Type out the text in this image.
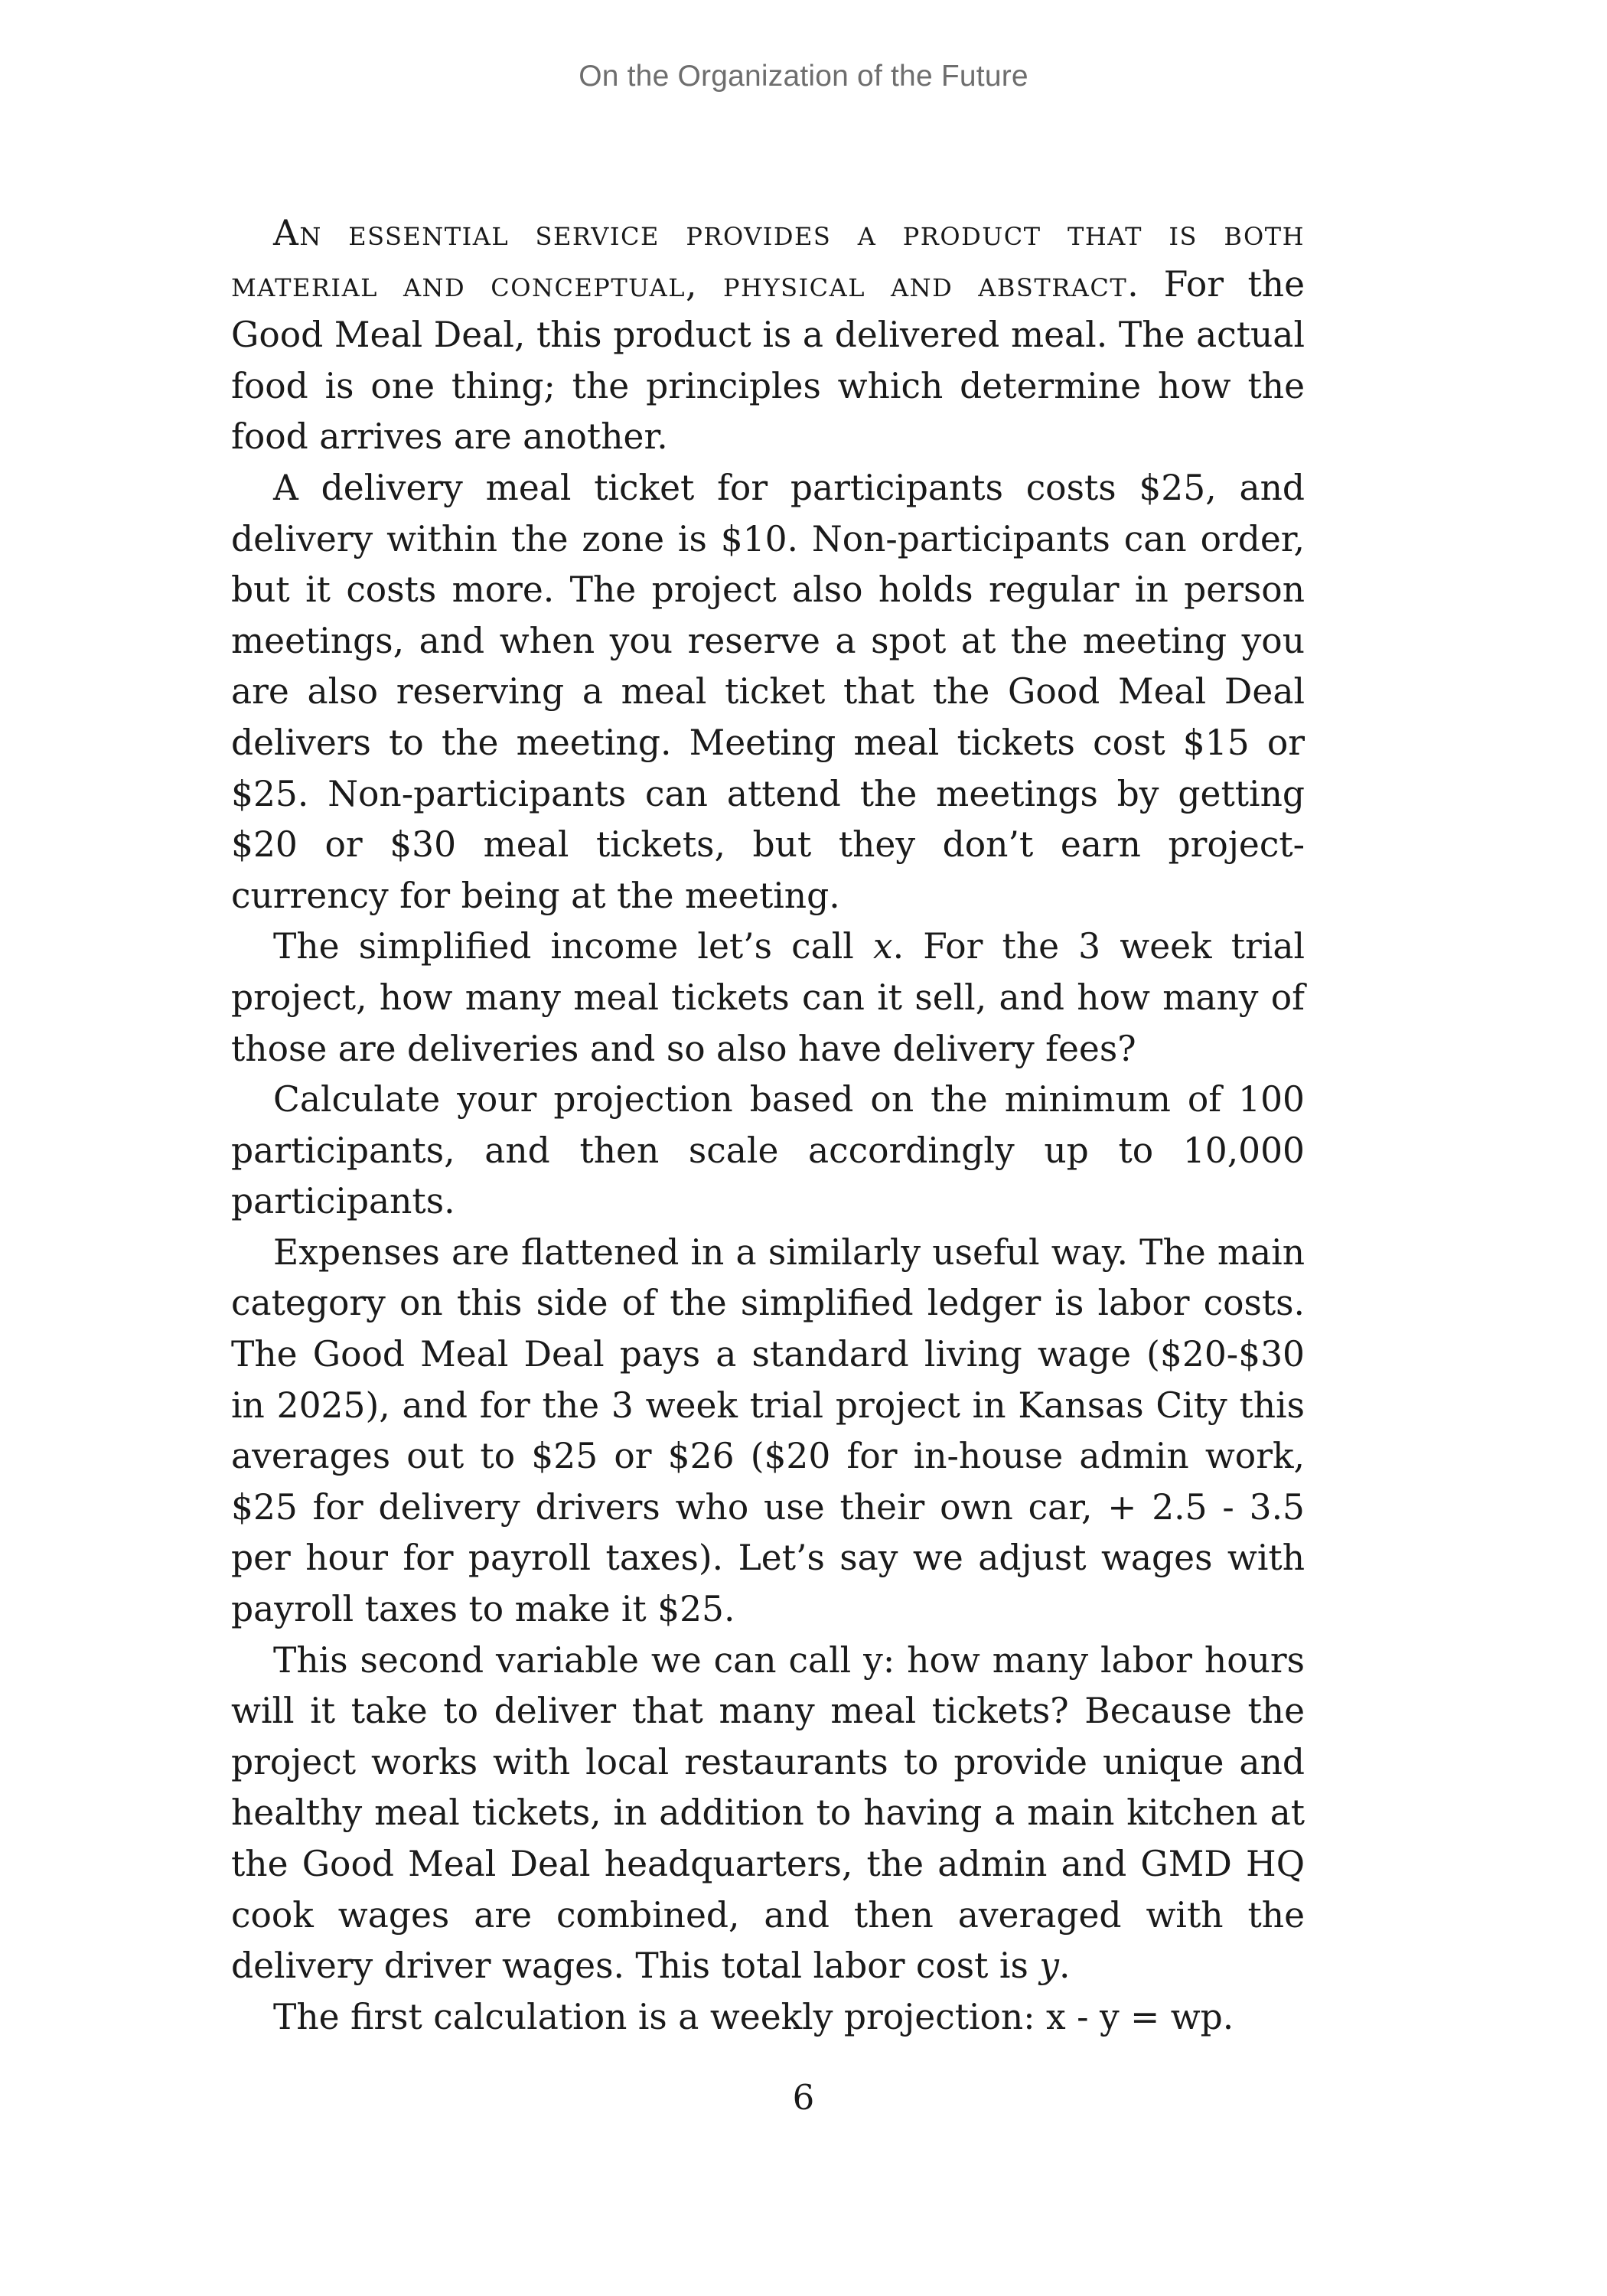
On the Organization of the Future

An essential service provides a product that is both material and conceptual, physical and abstract. For the Good Meal Deal, this product is a delivered meal. The actual food is one thing; the principles which determine how the food arrives are another.

A delivery meal ticket for participants costs $25, and delivery within the zone is $10. Non-participants can order, but it costs more. The project also holds regular in person meetings, and when you reserve a spot at the meeting you are also reserving a meal ticket that the Good Meal Deal delivers to the meeting. Meeting meal tickets cost $15 or $25. Non-participants can attend the meetings by getting $20 or $30 meal tickets, but they don’t earn project-currency for being at the meeting.

The simplified income let’s call x. For the 3 week trial project, how many meal tickets can it sell, and how many of those are deliveries and so also have delivery fees?

Calculate your projection based on the minimum of 100 participants, and then scale accordingly up to 10,000 participants.

Expenses are flattened in a similarly useful way. The main category on this side of the simplified ledger is labor costs. The Good Meal Deal pays a standard living wage ($20-$30 in 2025), and for the 3 week trial project in Kansas City this averages out to $25 or $26 ($20 for in-house admin work, $25 for delivery drivers who use their own car, + 2.5 - 3.5 per hour for payroll taxes). Let’s say we adjust wages with payroll taxes to make it $25.

This second variable we can call y: how many labor hours will it take to deliver that many meal tickets? Because the project works with local restaurants to provide unique and healthy meal tickets, in addition to having a main kitchen at the Good Meal Deal headquarters, the admin and GMD HQ cook wages are combined, and then averaged with the delivery driver wages. This total labor cost is y.

The first calculation is a weekly projection: x - y = wp.

6
